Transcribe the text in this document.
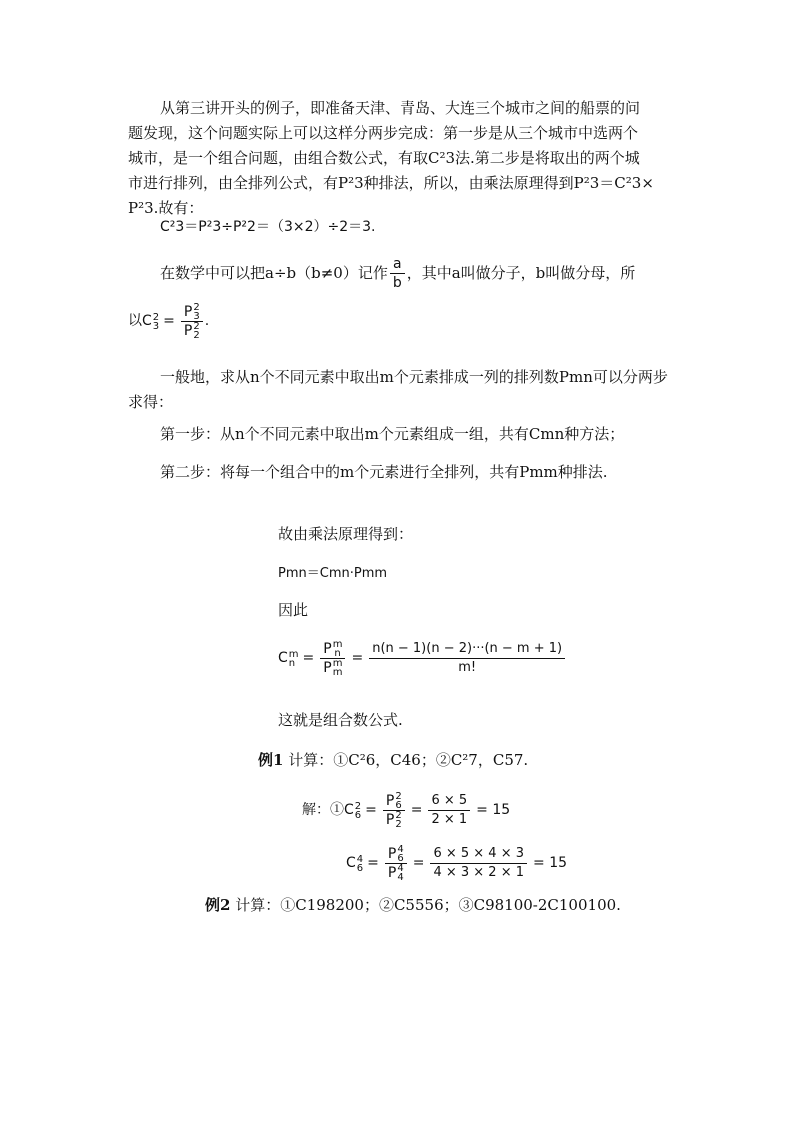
从第三讲开头的例子，即准备天津、青岛、大连三个城市之间的船票的问
题发现，这个问题实际上可以这样分两步完成：第一步是从三个城市中选两个
城市，是一个组合问题，由组合数公式，有取C²3法.第二步是将取出的两个城
市进行排列，由全排列公式，有P²3种排法，所以，由乘法原理得到P²3＝C²3×
P²3.故有：
C²3＝P²3÷P²2＝（3×2）÷2＝3.
在数学中可以把a÷b（b≠0）记作 $\frac{a}{b}$ ，其中a叫做分子，b叫做分母，所
以 C 2
3 = P 2
3
P 2
2 .
一般地，求从n个不同元素中取出m个元素排成一列的排列数Pmn可以分两步
求得：
第一步：从n个不同元素中取出m个元素组成一组，共有Cmn种方法；
第二步：将每一个组合中的m个元素进行全排列，共有Pmm种排法.
故由乘法原理得到：
Pmn＝Cmn·Pmm
因此
C m
n = P m
n
P m
$m = \frac{n(n - 1)(n - 2)\cdot\cdot\cdot(n - m + 1)}{m!}$
这就是组合数公式.
例1 计算：①C²6，C46；②C²7，C57.
解：① C 2
6 = P 2
6
P 2
$2 = \frac{6 \times 5}{2 \times 1} = 15$
C 4
6 = P 4
6
P 4
$4 = \frac{6 \times 5 \times 4 \times 3}{4 \times 3 \times 2 \times 1} = 15$
例2 计算：①C198200；②C5556；③C98100-2C100100.
